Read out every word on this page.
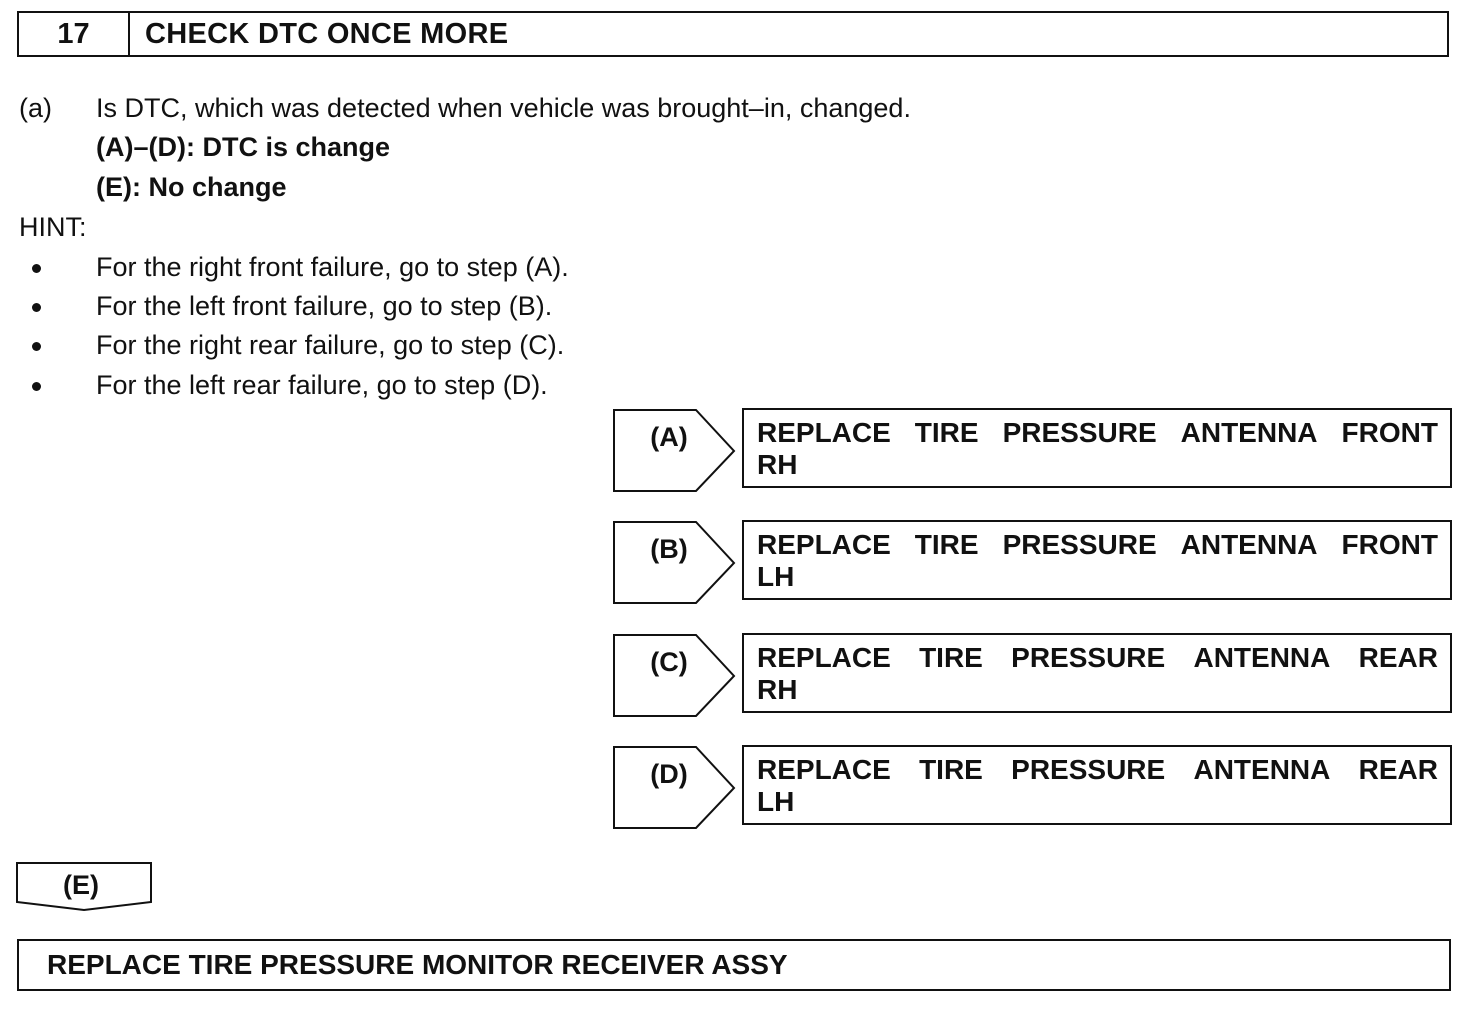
17	CHECK DTC ONCE MORE
(a) Is DTC, which was detected when vehicle was brought–in, changed.
(A)–(D): DTC is change
(E): No change
HINT:
For the right front failure, go to step (A).
For the left front failure, go to step (B).
For the right rear failure, go to step (C).
For the left rear failure, go to step (D).
(A)	REPLACE TIRE PRESSURE ANTENNA FRONT
RH
(B)	REPLACE TIRE PRESSURE ANTENNA FRONT
LH
(C)	REPLACE TIRE PRESSURE ANTENNA REAR
RH
(D)	REPLACE TIRE PRESSURE ANTENNA REAR
LH
(E)
REPLACE TIRE PRESSURE MONITOR RECEIVER ASSY
